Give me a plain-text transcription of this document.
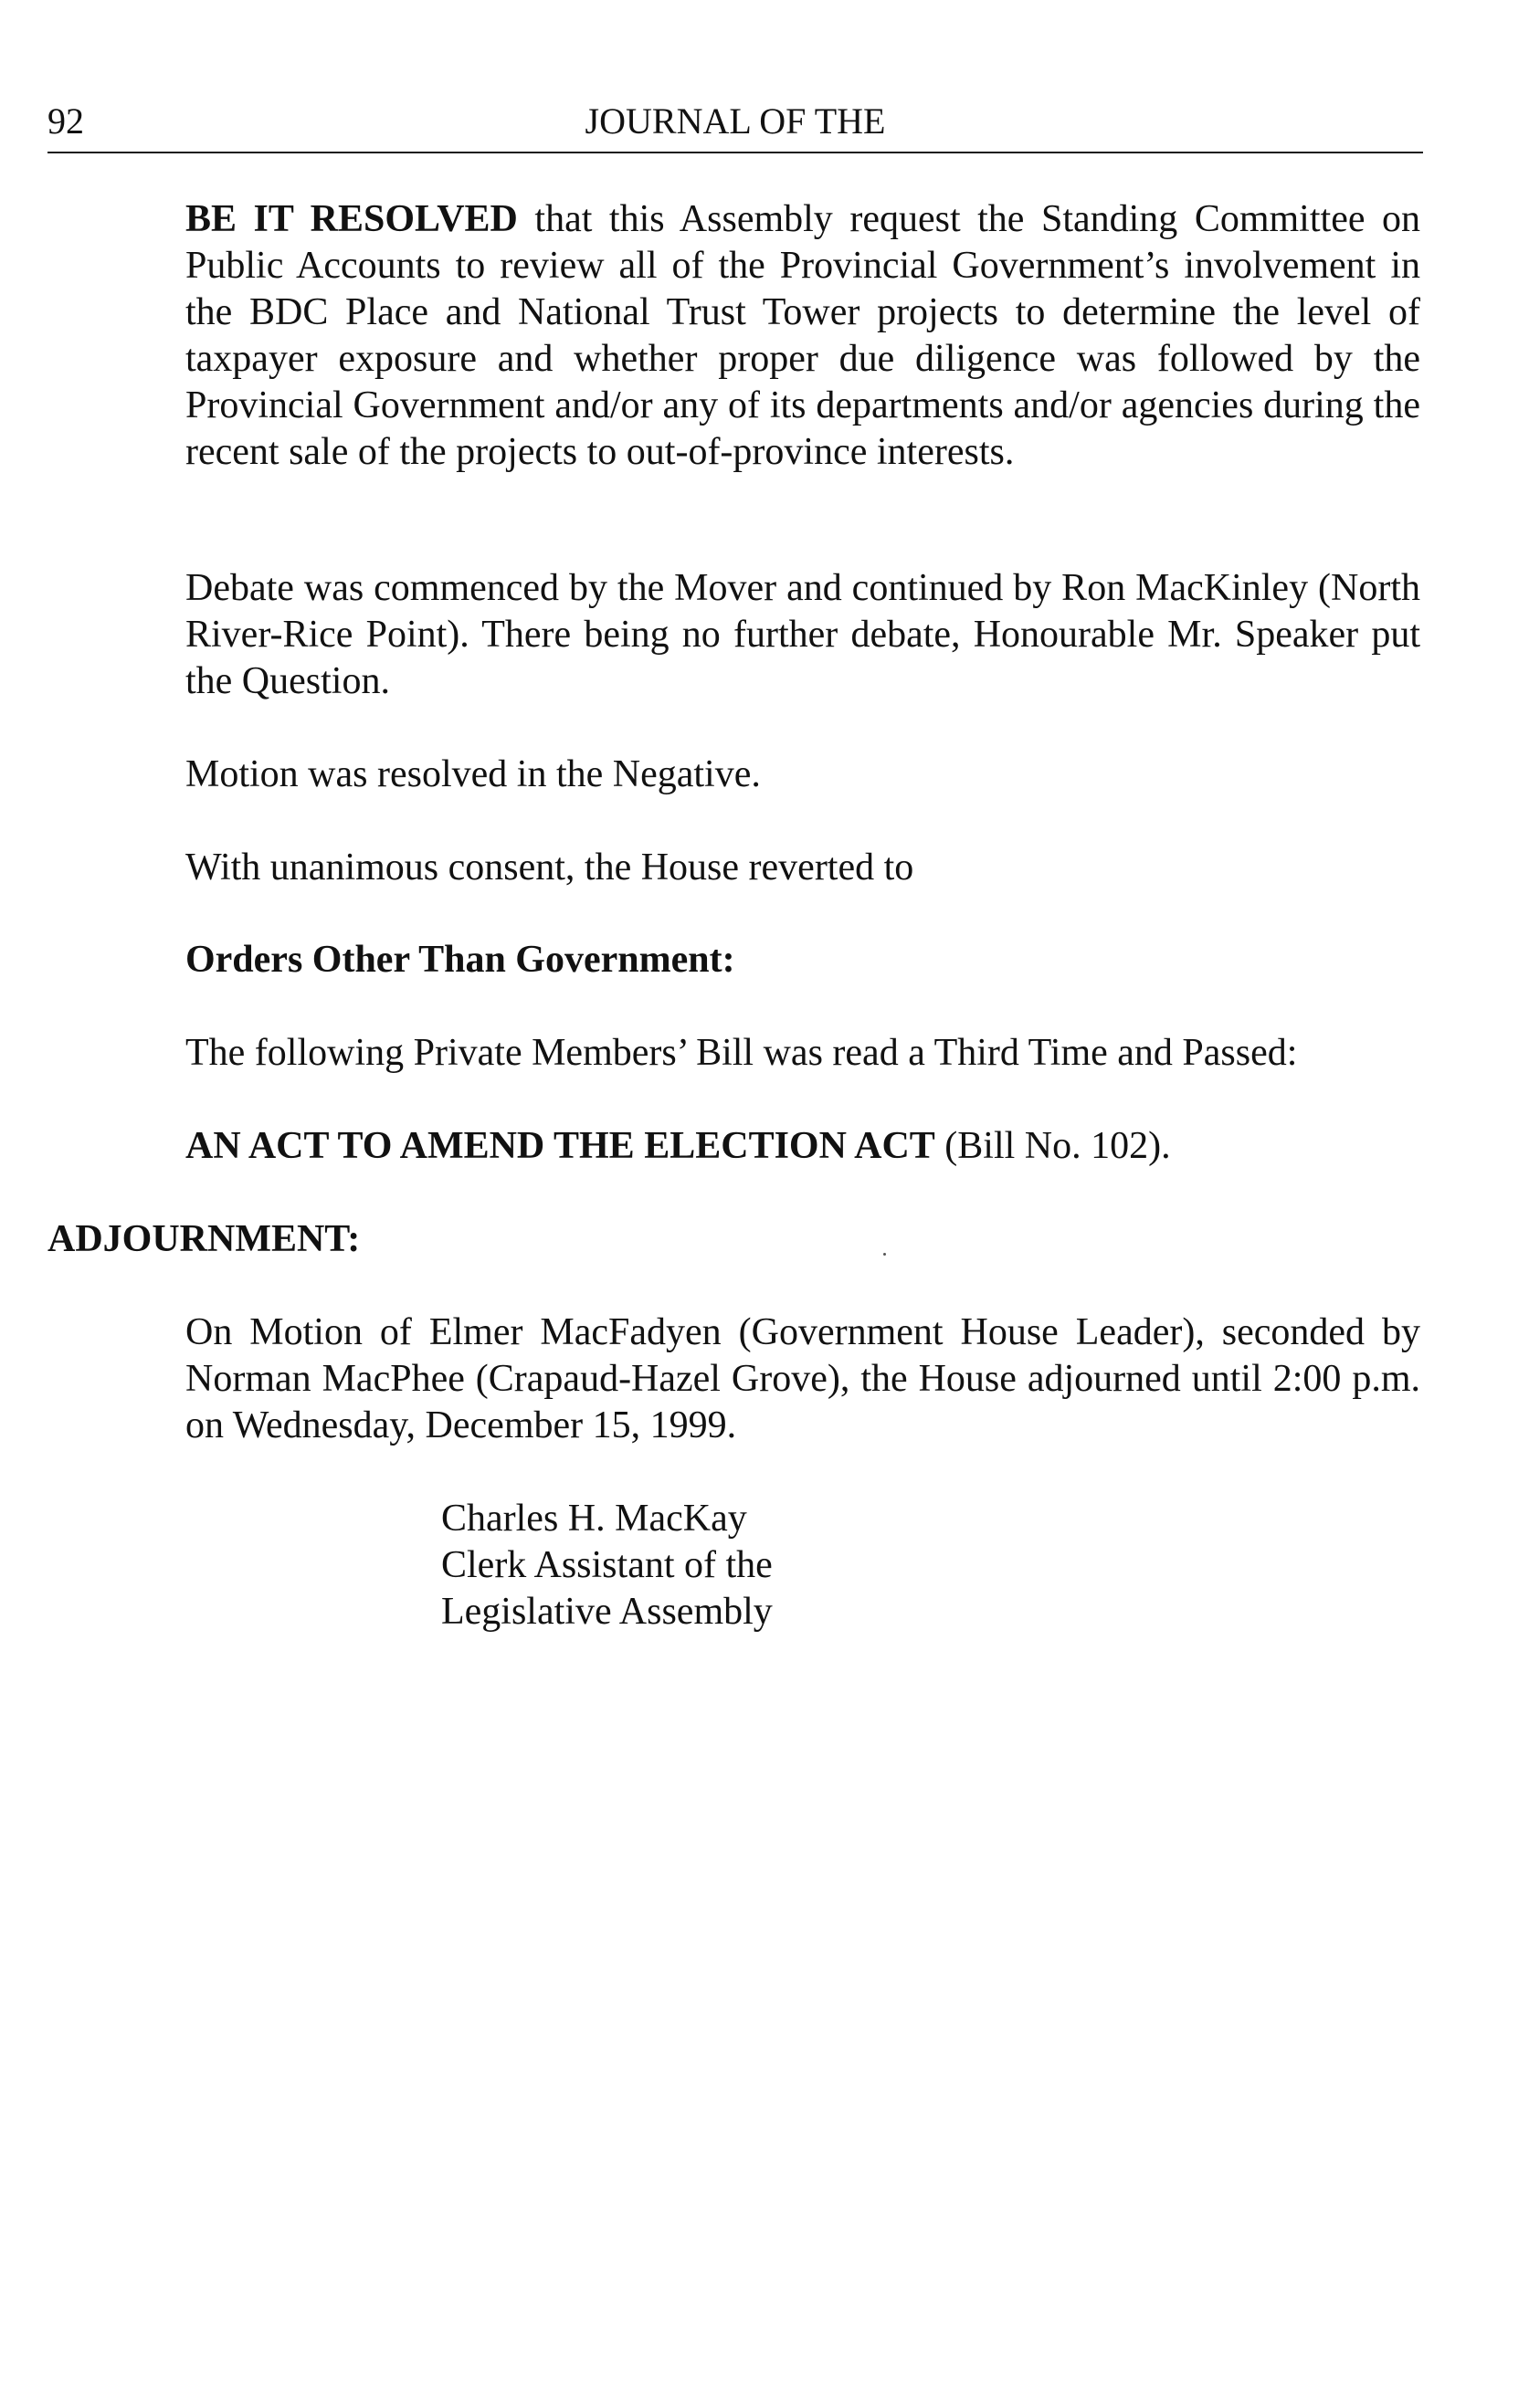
92	JOURNAL OF THE

BE IT RESOLVED that this Assembly request the Standing Committee on Public Accounts to review all of the Provincial Government’s involvement in the BDC Place and National Trust Tower projects to determine the level of taxpayer exposure and whether proper due diligence was followed by the Provincial Government and/or any of its departments and/or agencies during the recent sale of the projects to out-of-province interests.

Debate was commenced by the Mover and continued by Ron MacKinley (North River-Rice Point). There being no further debate, Honourable Mr. Speaker put the Question.

Motion was resolved in the Negative.

With unanimous consent, the House reverted to

Orders Other Than Government:

The following Private Members’ Bill was read a Third Time and Passed:

AN ACT TO AMEND THE ELECTION ACT (Bill No. 102).

ADJOURNMENT:

On Motion of Elmer MacFadyen (Government House Leader), seconded by Norman MacPhee (Crapaud-Hazel Grove), the House adjourned until 2:00 p.m. on Wednesday, December 15, 1999.

Charles H. MacKay
Clerk Assistant of the
Legislative Assembly
